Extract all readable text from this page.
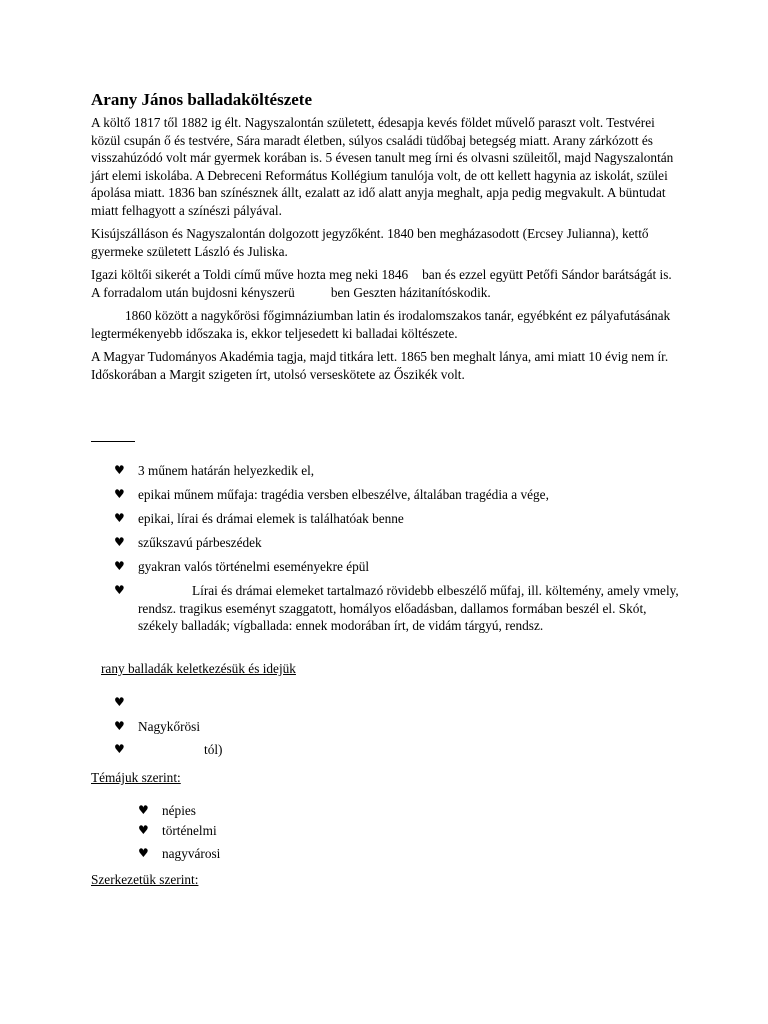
Arany János balladaköltészete

A költő 1817 től 1882 ig élt. Nagyszalontán született, édesapja kevés földet művelő paraszt volt. Testvérei közül csupán ő és testvére, Sára maradt életben, súlyos családi tüdőbaj betegség miatt. Arany zárkózott és visszahúzódó volt már gyermek korában is. 5 évesen tanult meg írni és olvasni szüleitől, majd Nagyszalontán járt elemi iskolába. A Debreceni Református Kollégium tanulója volt, de ott kellett hagynia az iskolát, szülei ápolása miatt. 1836 ban színésznek állt, ezalatt az idő alatt anyja meghalt, apja pedig megvakult. A büntudat miatt felhagyott a színészi pályával.

Kisújszálláson és Nagyszalontán dolgozott jegyzőként. 1840 ben megházasodott (Ercsey Julianna), kettő gyermeke született László és Juliska.

Igazi költői sikerét a Toldi című műve hozta meg neki 1846 ban és ezzel együtt Petőfi Sándor barátságát is. A forradalom után bujdosni kényszerü	ben Geszten házitanítóskodik.

1860 között a nagykőrösi főgimnáziumban latin és irodalomszakos tanár, egyébként ez pályafutásának legtermékenyebb időszaka is, ekkor teljesedett ki balladai költészete.

A Magyar Tudományos Akadémia tagja, majd titkára lett. 1865 ben meghalt lánya, ami miatt 10 évig nem ír. Időskorában a Margit szigeten írt, utolsó verseskötete az Őszikék volt.

♥ 3 műnem határán helyezkedik el,
♥ epikai műnem műfaja: tragédia versben elbeszélve, általában tragédia a vége,
♥ epikai, lírai és drámai elemek is találhatóak benne
♥ szűkszavú párbeszédek
♥ gyakran valós történelmi eseményekre épül
♥	Lírai és drámai elemeket tartalmazó rövidebb elbeszélő műfaj, ill. költemény, amely vmely, rendsz. tragikus eseményt szaggatott, homályos előadásban, dallamos formában beszél el. Skót, székely balladák; vígballada: ennek modorában írt, de vidám tárgyú, rendsz.
rany balladák keletkezésük és idejük
♥
♥ Nagykőrösi
♥	tól)
Témájuk szerint:
♥ népies
♥ történelmi
♥ nagyvárosi
Szerkezetük szerint:
